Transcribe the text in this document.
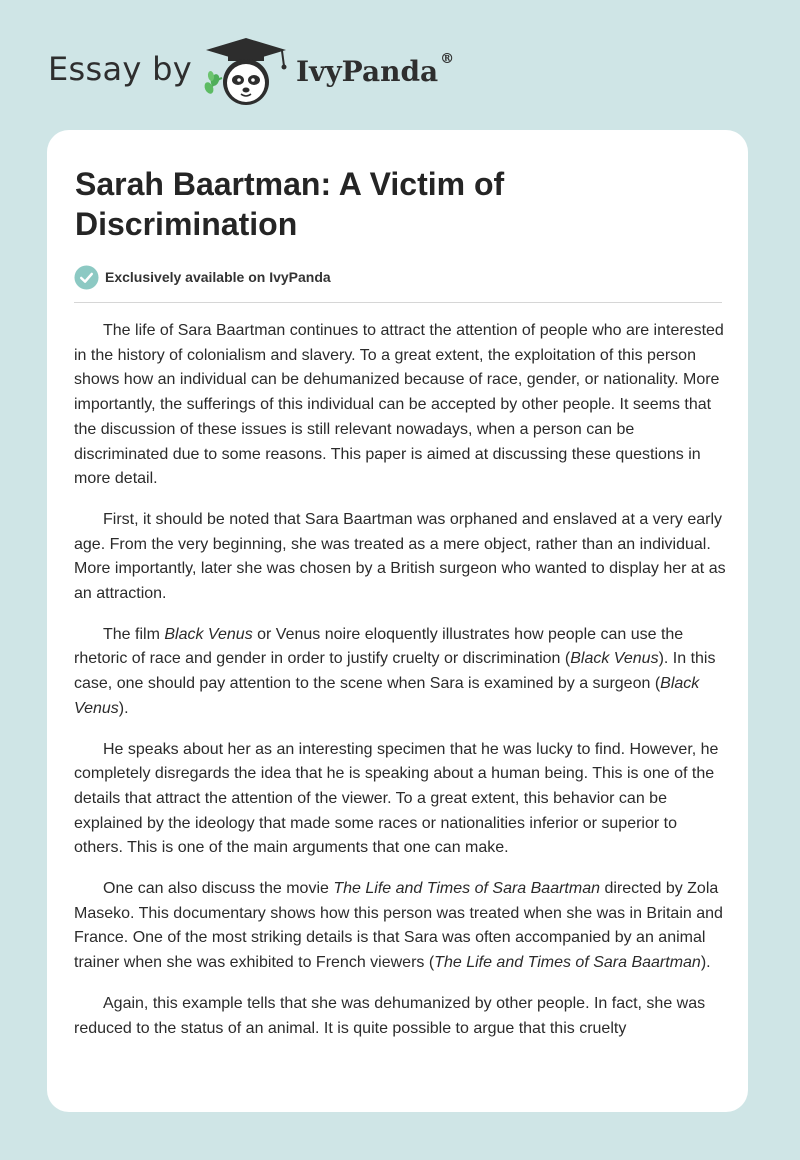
Essay by	IvyPanda ®
Sarah Baartman: A Victim of Discrimination
Exclusively available on IvyPanda

The life of Sara Baartman continues to attract the attention of people who are interested in the history of colonialism and slavery. To a great extent, the exploitation of this person shows how an individual can be dehumanized because of race, gender, or nationality. More importantly, the sufferings of this individual can be accepted by other people. It seems that the discussion of these issues is still relevant nowadays, when a person can be discriminated due to some reasons. This paper is aimed at discussing these questions in more detail.

First, it should be noted that Sara Baartman was orphaned and enslaved at a very early age. From the very beginning, she was treated as a mere object, rather than an individual. More importantly, later she was chosen by a British surgeon who wanted to display her at as an attraction.

The film Black Venus or Venus noire eloquently illustrates how people can use the rhetoric of race and gender in order to justify cruelty or discrimination (Black Venus). In this case, one should pay attention to the scene when Sara is examined by a surgeon (Black Venus).

He speaks about her as an interesting specimen that he was lucky to find. However, he completely disregards the idea that he is speaking about a human being. This is one of the details that attract the attention of the viewer. To a great extent, this behavior can be explained by the ideology that made some races or nationalities inferior or superior to others. This is one of the main arguments that one can make.

One can also discuss the movie The Life and Times of Sara Baartman directed by Zola Maseko. This documentary shows how this person was treated when she was in Britain and France. One of the most striking details is that Sara was often accompanied by an animal trainer when she was exhibited to French viewers (The Life and Times of Sara Baartman).

Again, this example tells that she was dehumanized by other people. In fact, she was reduced to the status of an animal. It is quite possible to argue that this cruelty
